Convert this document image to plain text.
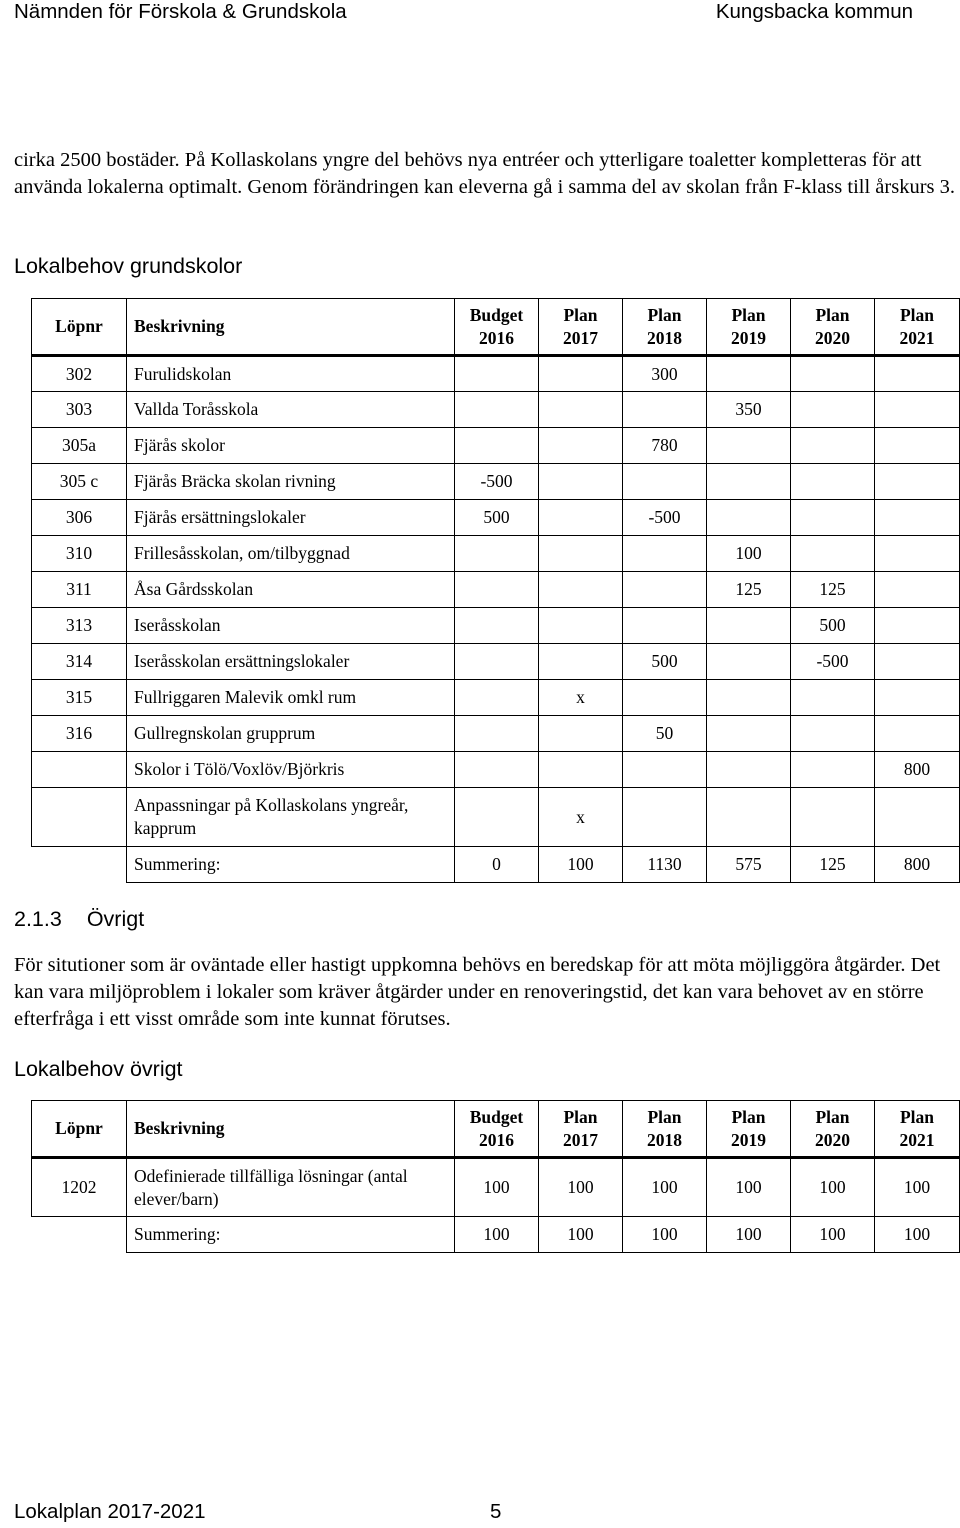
Nämnden för Förskola & Grundskola	Kungsbacka kommun
cirka 2500 bostäder. På Kollaskolans yngre del behövs nya entréer och ytterligare toaletter kompletteras för att använda lokalerna optimalt. Genom förändringen kan eleverna gå i samma del av skolan från F-klass till årskurs 3.
Lokalbehov grundskolor
Löpnr	Beskrivning	Budget 2016	Plan 2017	Plan 2018	Plan 2019	Plan 2020	Plan 2021
302	Furulidskolan			300			
303	Vallda Toråsskola				350		
305a	Fjärås skolor			780			
305 c	Fjärås Bräcka skolan rivning	-500					
306	Fjärås ersättningslokaler	500		-500			
310	Frillesåsskolan, om/tilbyggnad				100		
311	Åsa Gårdsskolan				125	125	
313	Iseråsskolan					500	
314	Iseråsskolan ersättningslokaler			500		-500	
315	Fullriggaren Malevik omkl rum		x				
316	Gullregnskolan grupprum			50			
	Skolor i Tölö/Voxlöv/Björkris						800
	Anpassningar på Kollaskolans yngreår, kapprum		x				
	Summering:	0	100	1130	575	125	800
2.1.3 Övrigt
För situtioner som är oväntade eller hastigt uppkomna behövs en beredskap för att möta möjliggöra åtgärder. Det kan vara miljöproblem i lokaler som kräver åtgärder under en renoveringstid, det kan vara behovet av en större efterfråga i ett visst område som inte kunnat förutses.
Lokalbehov övrigt
Löpnr	Beskrivning	Budget 2016	Plan 2017	Plan 2018	Plan 2019	Plan 2020	Plan 2021
1202	Odefinierade tillfälliga lösningar (antal elever/barn)	100	100	100	100	100	100
	Summering:	100	100	100	100	100	100
Lokalplan 2017-2021	5
